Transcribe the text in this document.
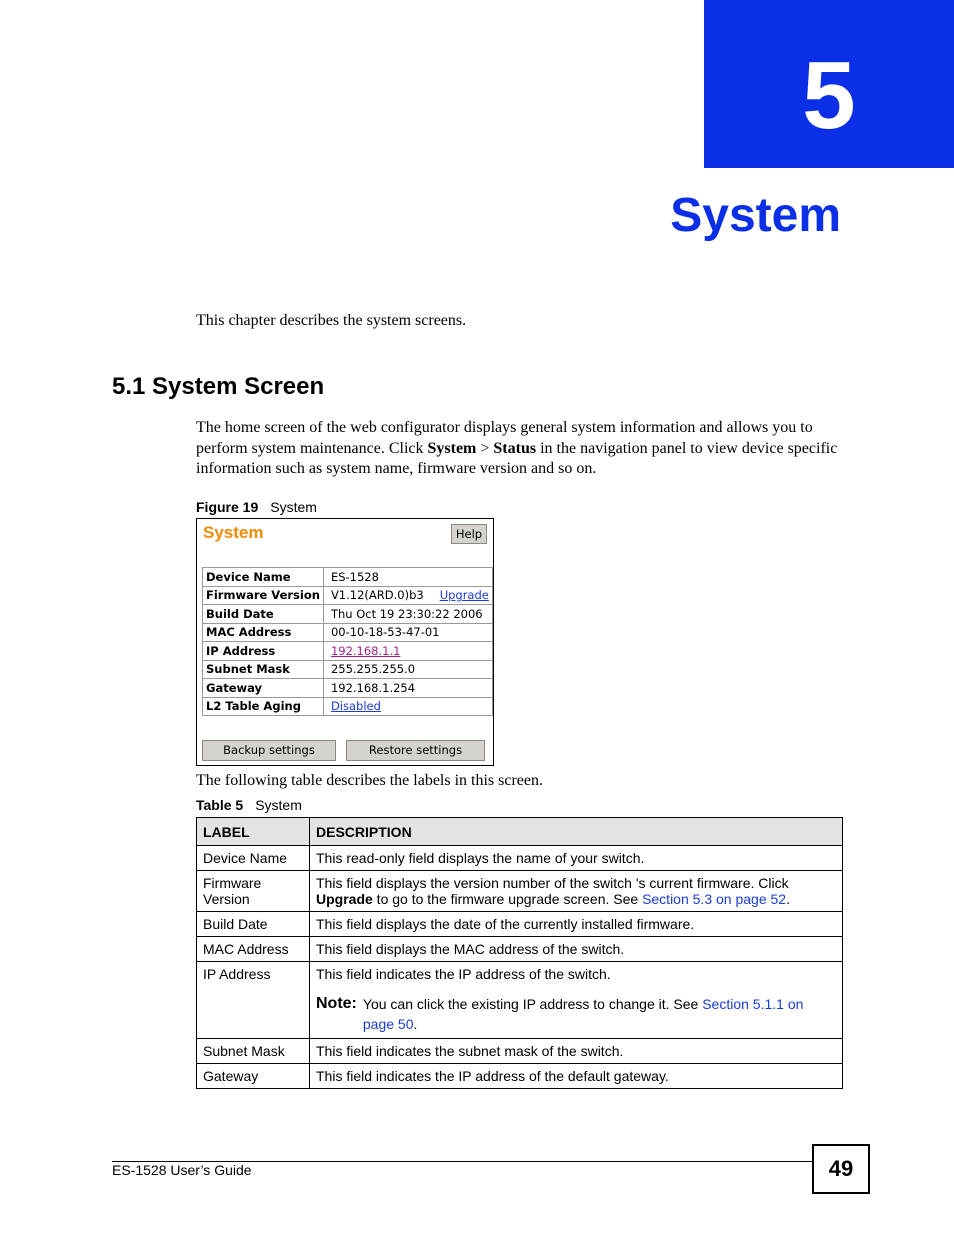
5
System
This chapter describes the system screens.
5.1 System Screen
The home screen of the web configurator displays general system information and allows you to perform system maintenance. Click System > Status in the navigation panel to view device specific information such as system name, firmware version and so on.
Figure 19 System
System	Help
Device Name	ES-1528
Firmware Version	V1.12(ARD.0)b3 Upgrade
Build Date	Thu Oct 19 23:30:22 2006
MAC Address	00-10-18-53-47-01
IP Address	192.168.1.1
Subnet Mask	255.255.255.0
Gateway	192.168.1.254
L2 Table Aging	Disabled
Backup settings	Restore settings
The following table describes the labels in this screen.
Table 5 System
LABEL	DESCRIPTION
Device Name	This read-only field displays the name of your switch.
Firmware Version	This field displays the version number of the switch 's current firmware. Click Upgrade to go to the firmware upgrade screen. See Section 5.3 on page 52.
Build Date	This field displays the date of the currently installed firmware.
MAC Address	This field displays the MAC address of the switch.
IP Address	This field indicates the IP address of the switch.
Note: You can click the existing IP address to change it. See Section 5.1.1 on page 50.

Subnet Mask	This field indicates the subnet mask of the switch.
Gateway	This field indicates the IP address of the default gateway.
ES-1528 User’s Guide	49
